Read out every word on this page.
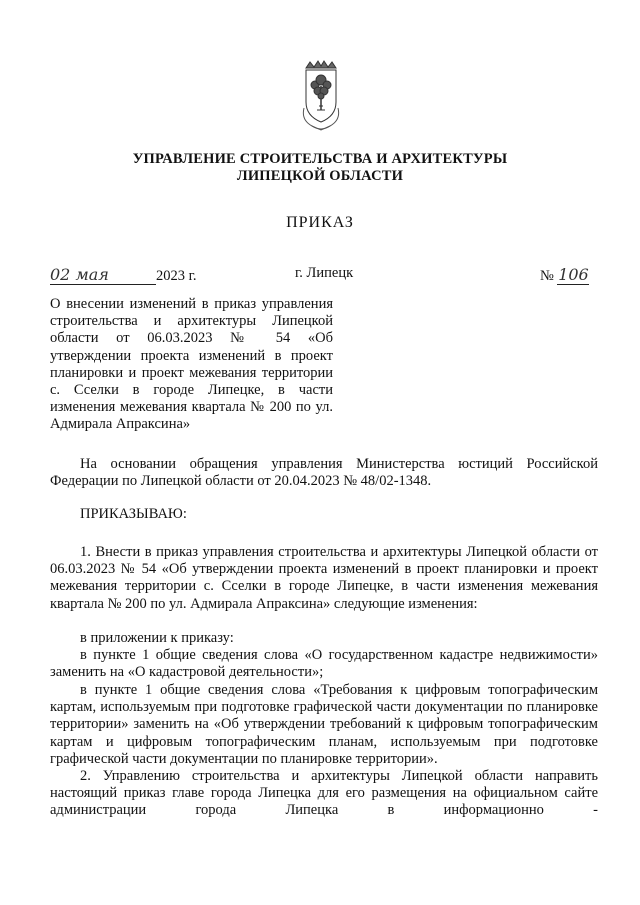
УПРАВЛЕНИЕ СТРОИТЕЛЬСТВА И АРХИТЕКТУРЫ
ЛИПЕЦКОЙ ОБЛАСТИ
ПРИКАЗ
02 мая	2023 г.	г. Липецк	№ 106
О внесении изменений в приказ управления строительства и архитектуры Липецкой области от 06.03.2023 № 54 «Об утверждении проекта изменений в проект планировки и проект межевания территории с. Сселки в городе Липецке, в части изменения межевания квартала № 200 по ул. Адмирала Апраксина»
На основании обращения управления Министерства юстиций Российской Федерации по Липецкой области от 20.04.2023 № 48/02-1348.
ПРИКАЗЫВАЮ:
1. Внести в приказ управления строительства и архитектуры Липецкой области от 06.03.2023 № 54 «Об утверждении проекта изменений в проект планировки и проект межевания территории с. Сселки в городе Липецке, в части изменения межевания квартала № 200 по ул. Адмирала Апраксина» следующие изменения:
в приложении к приказу:
в пункте 1 общие сведения слова «О государственном кадастре недвижимости» заменить на «О кадастровой деятельности»;
в пункте 1 общие сведения слова «Требования к цифровым топографическим картам, используемым при подготовке графической части документации по планировке территории» заменить на «Об утверждении требований к цифровым топографическим картам и цифровым топографическим планам, используемым при подготовке графической части документации по планировке территории».
2. Управлению строительства и архитектуры Липецкой области направить настоящий приказ главе города Липецка для его размещения на официальном сайте администрации города Липецка в информационно -
